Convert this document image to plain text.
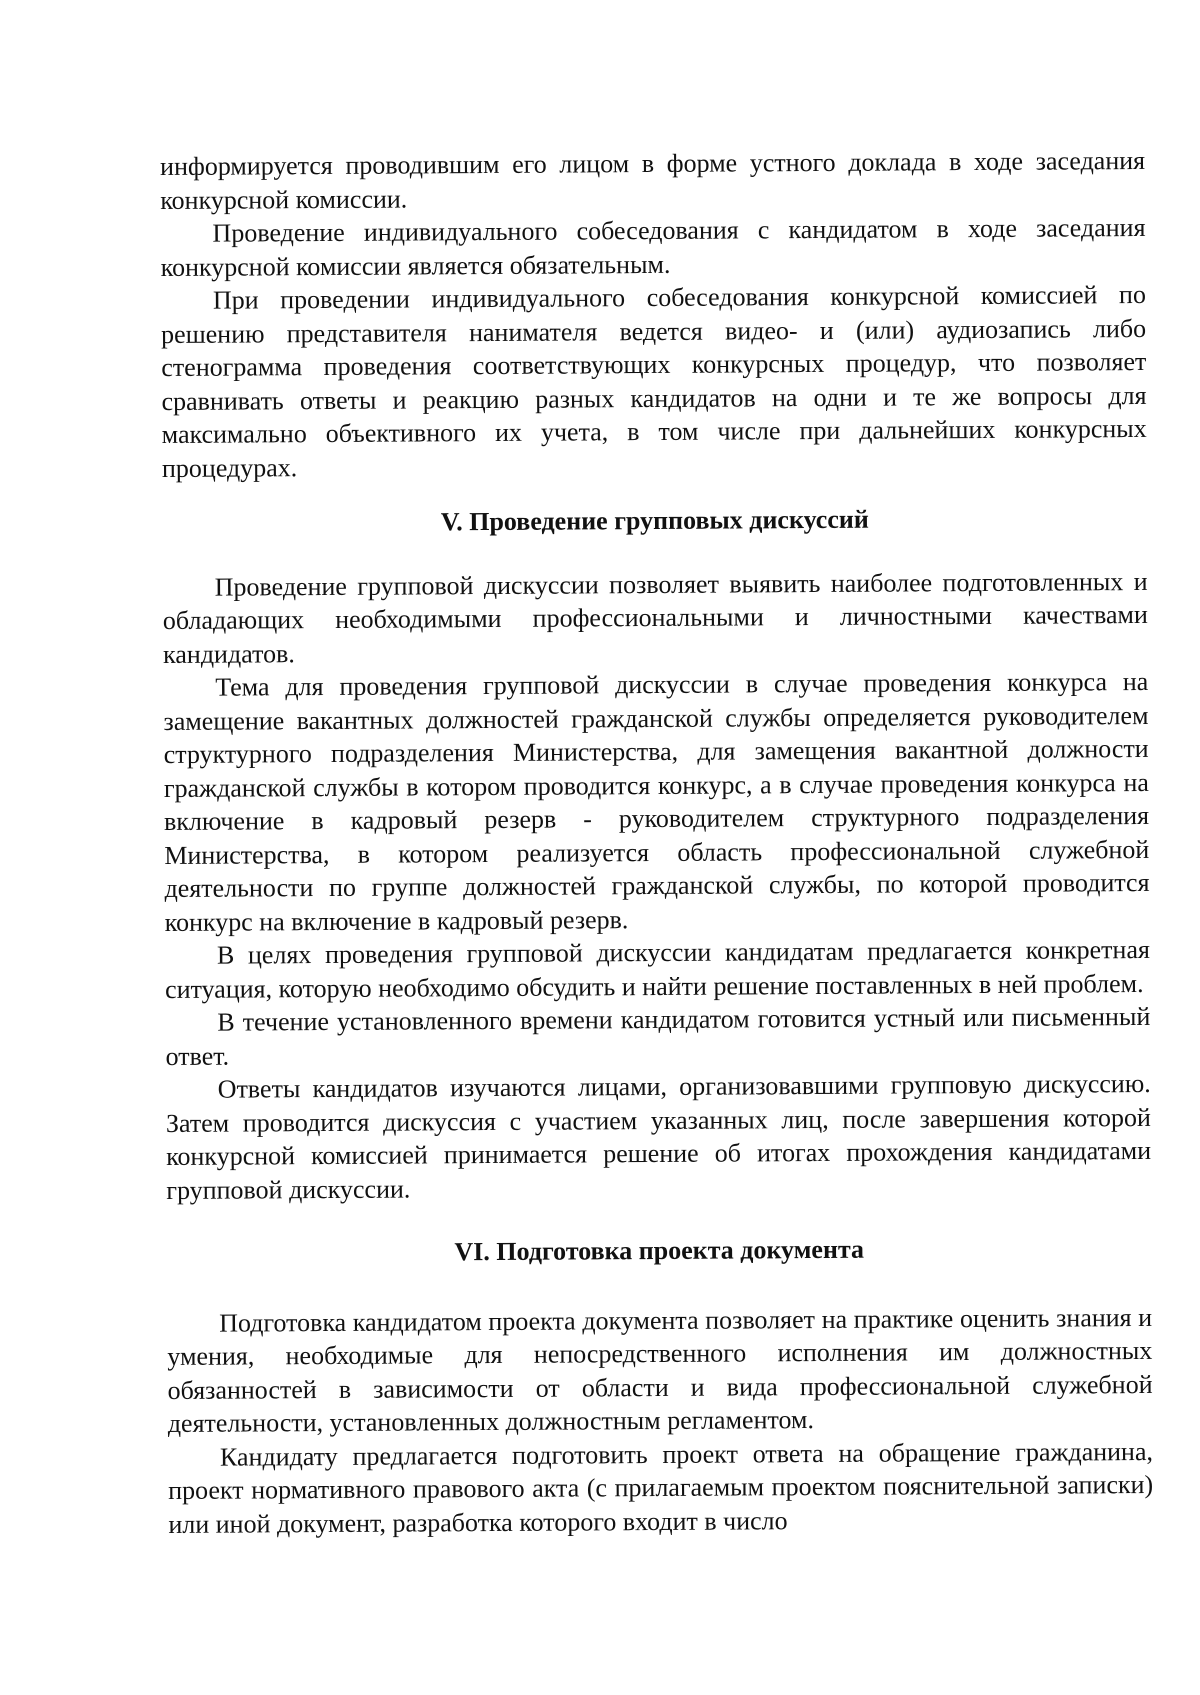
информируется проводившим его лицом в форме устного доклада в ходе заседания конкурсной комиссии.

Проведение индивидуального собеседования с кандидатом в ходе заседания конкурсной комиссии является обязательным.

При проведении индивидуального собеседования конкурсной комиссией по решению представителя нанимателя ведется видео- и (или) аудиозапись либо стенограмма проведения соответствующих конкурсных процедур, что позволяет сравнивать ответы и реакцию разных кандидатов на одни и те же вопросы для максимально объективного их учета, в том числе при дальнейших конкурсных процедурах.

V. Проведение групповых дискуссий

Проведение групповой дискуссии позволяет выявить наиболее подготовленных и обладающих необходимыми профессиональными и личностными качествами кандидатов.

Тема для проведения групповой дискуссии в случае проведения конкурса на замещение вакантных должностей гражданской службы определяется руководителем структурного подразделения Министерства, для замещения вакантной должности гражданской службы в котором проводится конкурс, а в случае проведения конкурса на включение в кадровый резерв - руководителем структурного подразделения Министерства, в котором реализуется область профессиональной служебной деятельности по группе должностей гражданской службы, по которой проводится конкурс на включение в кадровый резерв.

В целях проведения групповой дискуссии кандидатам предлагается конкретная ситуация, которую необходимо обсудить и найти решение поставленных в ней проблем.

В течение установленного времени кандидатом готовится устный или письменный ответ.

Ответы кандидатов изучаются лицами, организовавшими групповую дискуссию. Затем проводится дискуссия с участием указанных лиц, после завершения которой конкурсной комиссией принимается решение об итогах прохождения кандидатами групповой дискуссии.

VI. Подготовка проекта документа

Подготовка кандидатом проекта документа позволяет на практике оценить знания и умения, необходимые для непосредственного исполнения им должностных обязанностей в зависимости от области и вида профессиональной служебной деятельности, установленных должностным регламентом.

Кандидату предлагается подготовить проект ответа на обращение гражданина, проект нормативного правового акта (с прилагаемым проектом пояснительной записки) или иной документ, разработка которого входит в число
